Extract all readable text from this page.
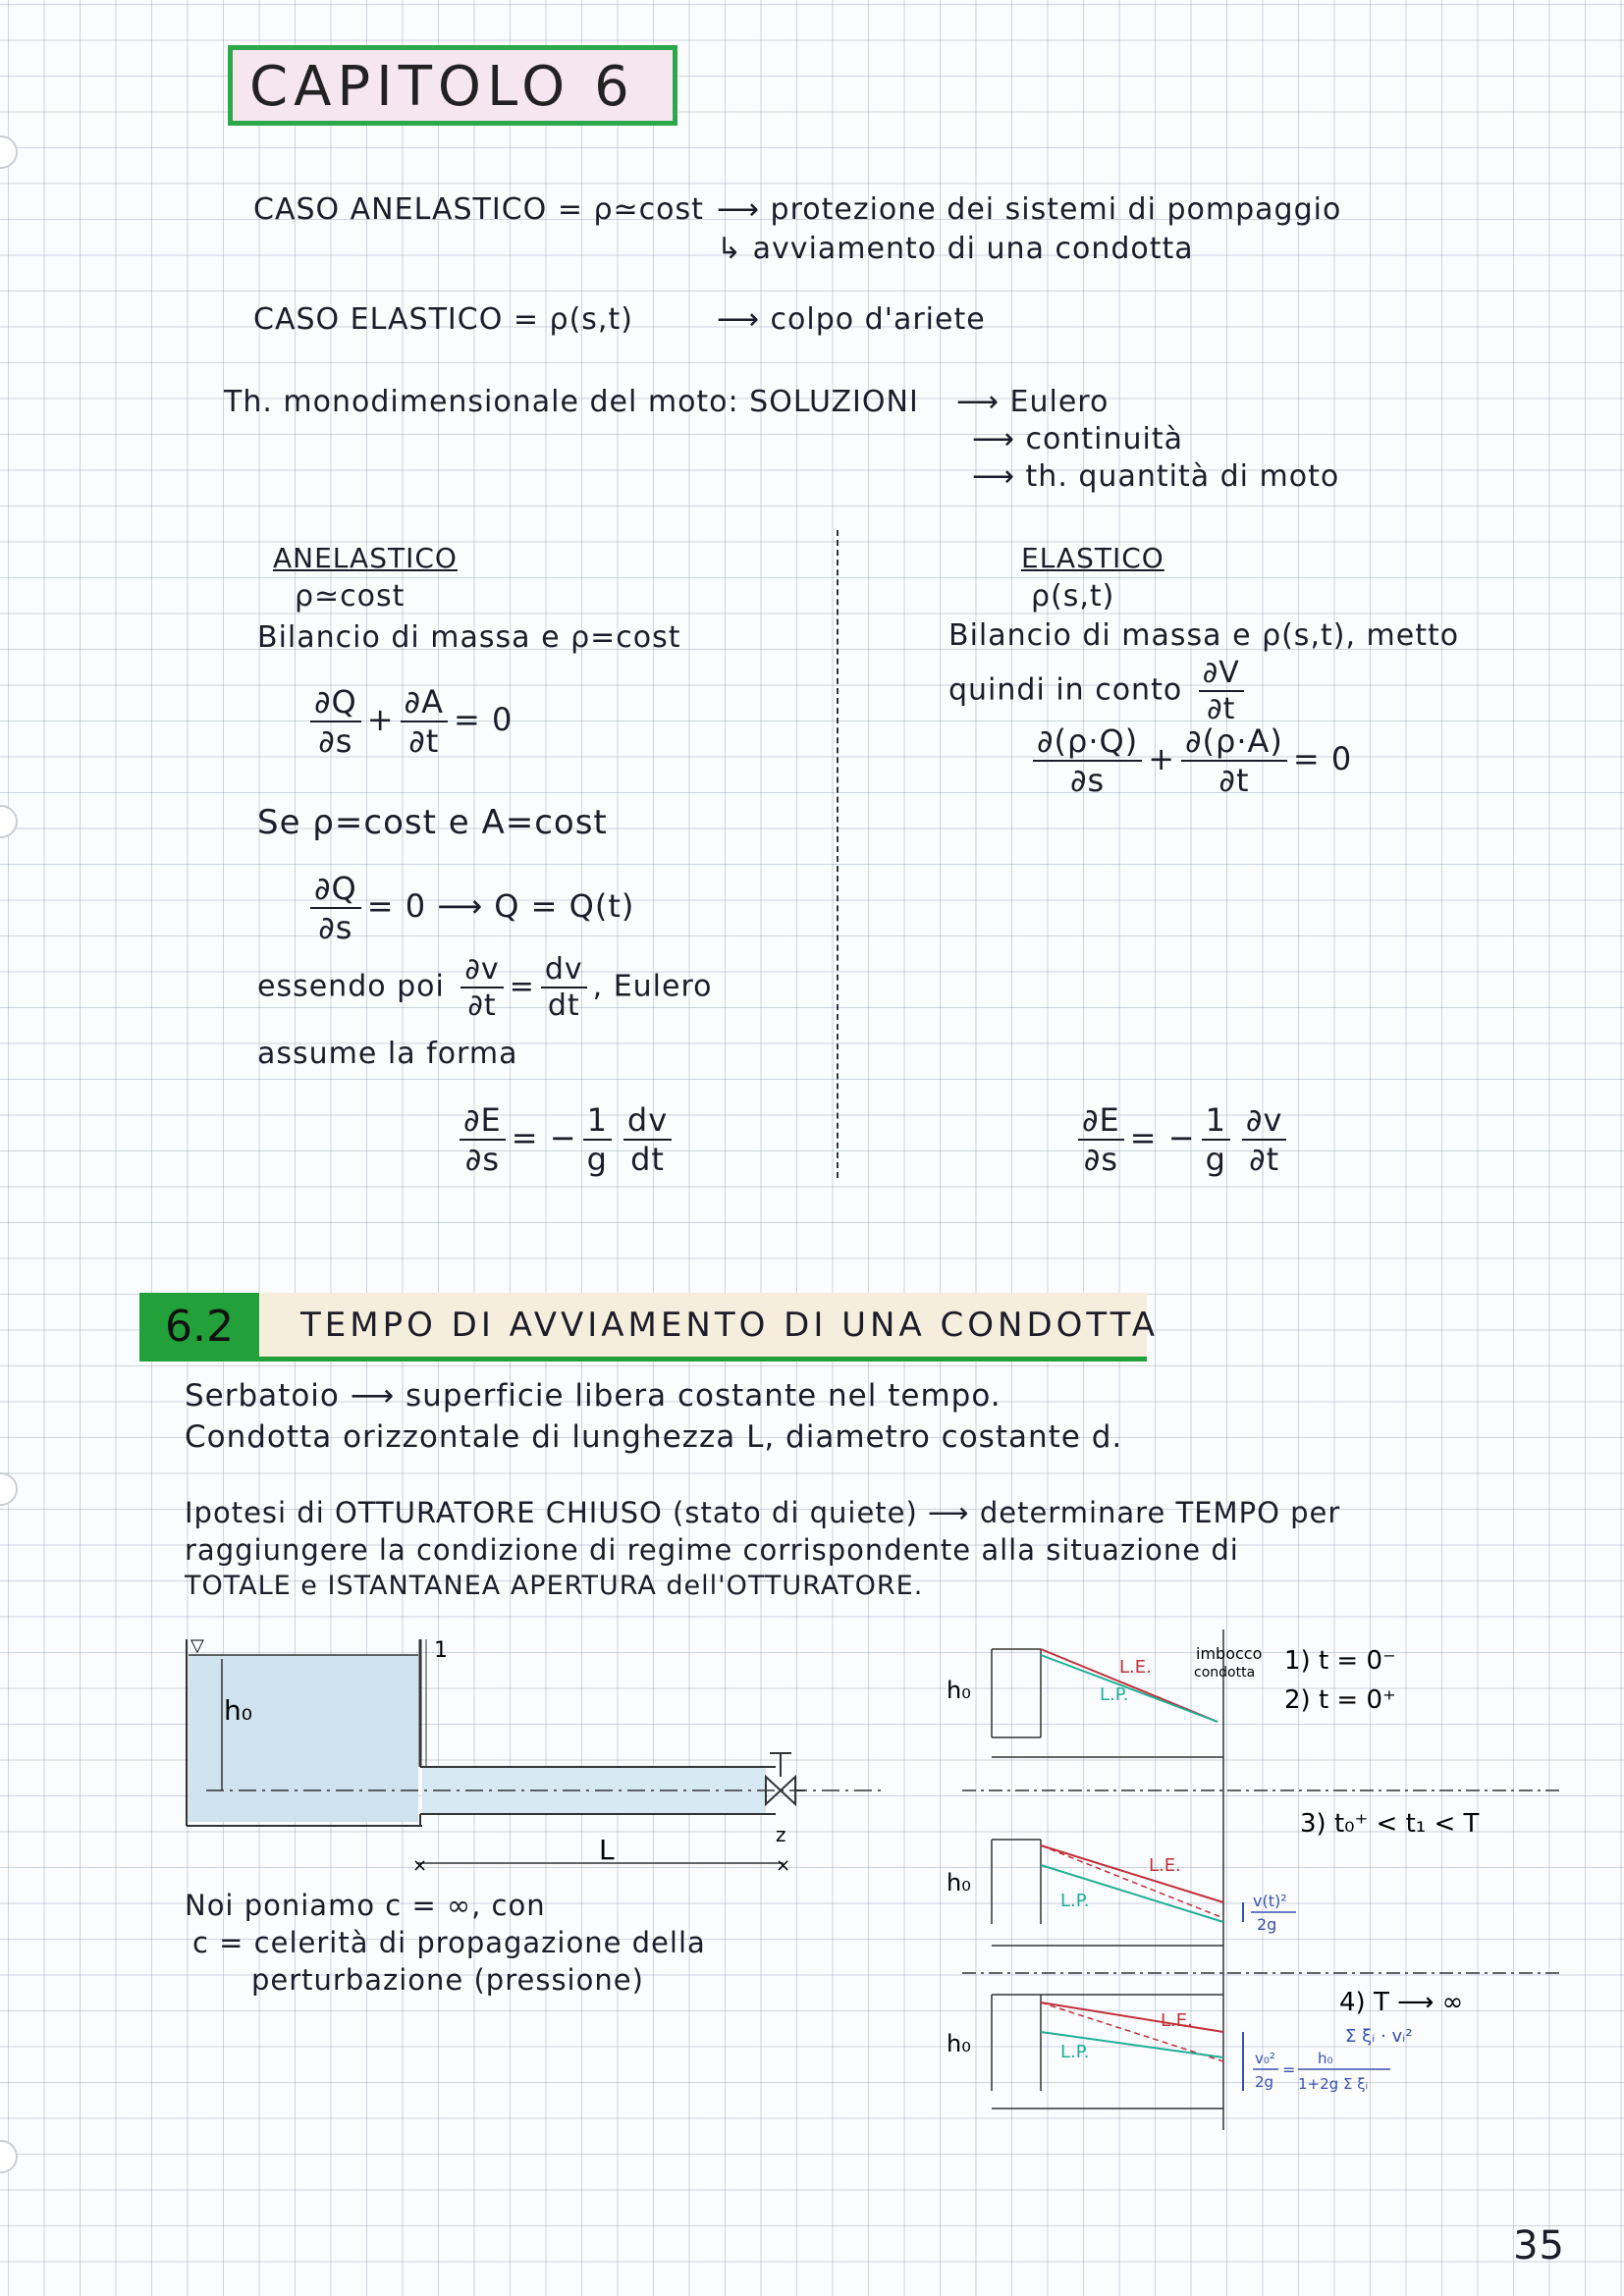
CAPITOLO 6
CASO ANELASTICO = ρ≃cost ⟶ protezione dei sistemi di pompaggio
↳ avviamento di una condotta
CASO ELASTICO = ρ(s,t)	⟶ colpo d'ariete
Th. monodimensionale del moto: SOLUZIONI ⟶ Eulero
⟶ continuità
⟶ th. quantità di moto
ANELASTICO
ρ≃cost
Bilancio di massa e ρ=cost
$\frac{\partial Q}{\partial s} + \frac{\partial A}{\partial t} = 0$
Se ρ=cost e A=cost
$\frac{\partial Q}{\partial s} = 0$ ⟶ Q = Q(t)
essendo poi $\frac{\partial v}{\partial t} = \frac{dv}{dt}$ , Eulero
assume la forma
$\frac{\partial E}{\partial s}$ = − $\frac{1}{g} \frac{dv}{dt}$
ELASTICO
ρ(s,t)
Bilancio di massa e ρ(s,t), metto
quindi in conto $\frac{\partial V}{\partial t}$
$\frac{\partial(\rho\cdot Q)}{\partial s} + \frac{\partial(\rho\cdot A)}{\partial t} = 0$
$\frac{\partial E}{\partial s}$ = − $\frac{1}{g} \frac{\partial v}{\partial t}$
6.2	TEMPO DI AVVIAMENTO DI UNA CONDOTTA
Serbatoio ⟶ superficie libera costante nel tempo.
Condotta orizzontale di lunghezza L, diametro costante d.
Ipotesi di OTTURATORE CHIUSO (stato di quiete) ⟶ determinare TEMPO per
raggiungere la condizione di regime corrispondente alla situazione di
TOTALE e ISTANTANEA APERTURA dell'OTTURATORE.
▽
h₀
1
z
L
×	×
Noi poniamo c = ∞, con
c = celerità di propagazione della
perturbazione (pressione)
h₀
L.E.
L.P.
imbocco
condotta 1) t = 0⁻
2) t = 0⁺
3) t₀⁺ < t₁ < T
h₀
L.E.
L.P.	v(t)²
2g
4) T ⟶ ∞
Σ ξᵢ · vᵢ²
h₀
L.E.
L.P.	v₀²
2g
=
h₀
1+2g Σ ξᵢ
35
